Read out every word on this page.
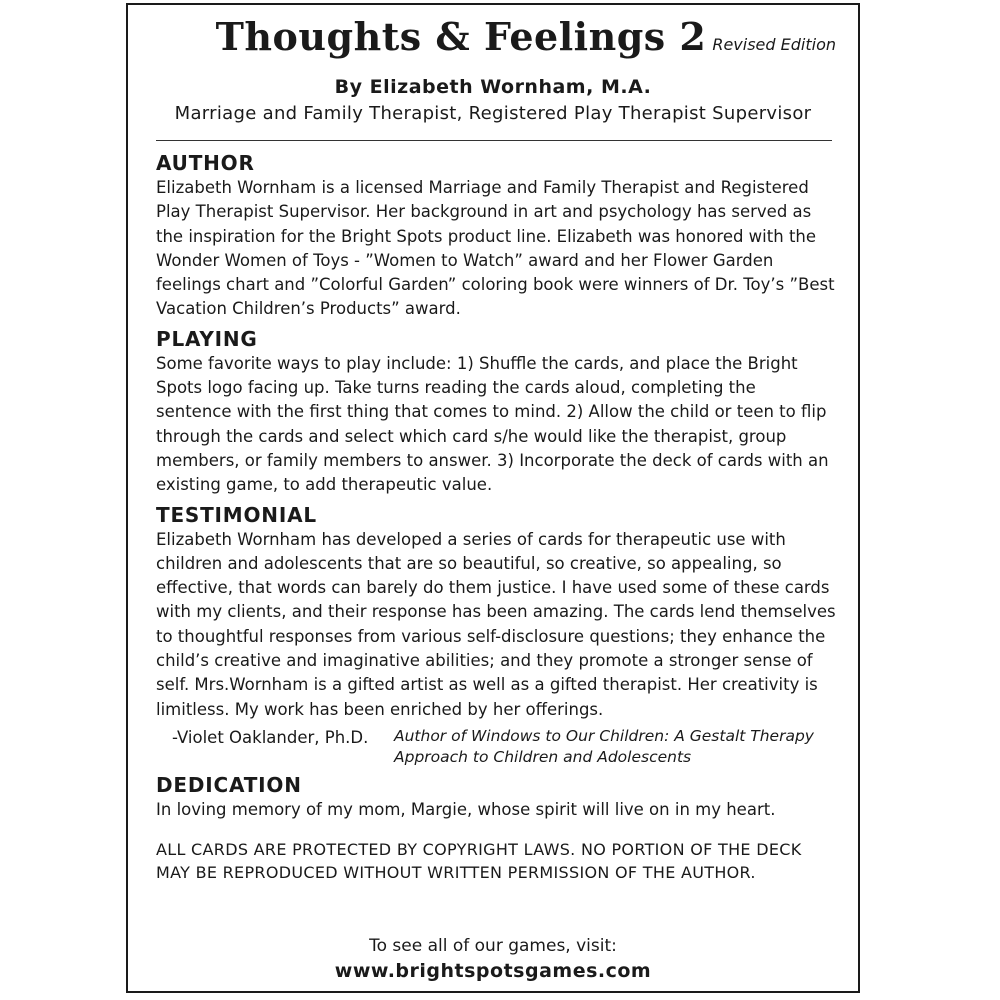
Thoughts & Feelings 2 Revised Edition
By Elizabeth Wornham, M.A.
Marriage and Family Therapist, Registered Play Therapist Supervisor
AUTHOR

Elizabeth Wornham is a licensed Marriage and Family Therapist and Registered Play Therapist Supervisor. Her background in art and psychology has served as the inspiration for the Bright Spots product line. Elizabeth was honored with the Wonder Women of Toys - ”Women to Watch” award and her Flower Garden feelings chart and ”Colorful Garden” coloring book were winners of Dr. Toy’s ”Best Vacation Children’s Products” award.

PLAYING

Some favorite ways to play include: 1) Shuffle the cards, and place the Bright Spots logo facing up. Take turns reading the cards aloud, completing the sentence with the first thing that comes to mind. 2) Allow the child or teen to flip through the cards and select which card s/he would like the therapist, group members, or family members to answer. 3) Incorporate the deck of cards with an existing game, to add therapeutic value.

TESTIMONIAL

Elizabeth Wornham has developed a series of cards for therapeutic use with children and adolescents that are so beautiful, so creative, so appealing, so effective, that words can barely do them justice. I have used some of these cards with my clients, and their response has been amazing. The cards lend themselves to thoughtful responses from various self-disclosure questions; they enhance the child’s creative and imaginative abilities; and they promote a stronger sense of self. Mrs.Wornham is a gifted artist as well as a gifted therapist. Her creativity is limitless. My work has been enriched by her offerings.

-Violet Oaklander, Ph.D.	Author of Windows to Our Children: A Gestalt Therapy Approach to Children and Adolescents
DEDICATION

In loving memory of my mom, Margie, whose spirit will live on in my heart.

ALL CARDS ARE PROTECTED BY COPYRIGHT LAWS. NO PORTION OF THE DECK MAY BE REPRODUCED WITHOUT WRITTEN PERMISSION OF THE AUTHOR.
To see all of our games, visit:
www.brightspotsgames.com
